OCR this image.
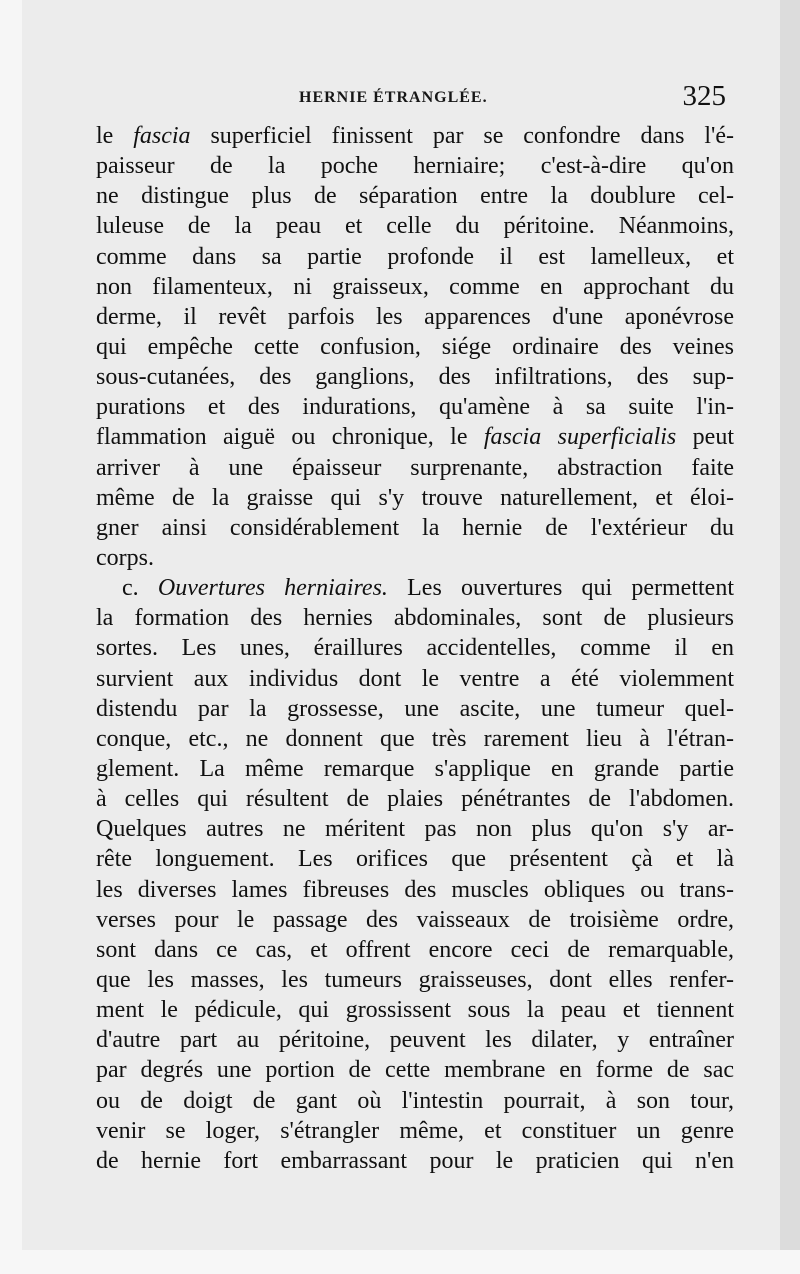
HERNIE ÉTRANGLÉE.	325
le fascia superficiel finissent par se confondre dans l'é-
paisseur de la poche herniaire; c'est-à-dire qu'on
ne distingue plus de séparation entre la doublure cel-
luleuse de la peau et celle du péritoine. Néanmoins,
comme dans sa partie profonde il est lamelleux, et
non filamenteux, ni graisseux, comme en approchant du
derme, il revêt parfois les apparences d'une aponévrose
qui empêche cette confusion, siége ordinaire des veines
sous-cutanées, des ganglions, des infiltrations, des sup-
purations et des indurations, qu'amène à sa suite l'in-
flammation aiguë ou chronique, le fascia superficialis peut
arriver à une épaisseur surprenante, abstraction faite
même de la graisse qui s'y trouve naturellement, et éloi-
gner ainsi considérablement la hernie de l'extérieur du
corps.
c. Ouvertures herniaires. Les ouvertures qui permettent
la formation des hernies abdominales, sont de plusieurs
sortes. Les unes, éraillures accidentelles, comme il en
survient aux individus dont le ventre a été violemment
distendu par la grossesse, une ascite, une tumeur quel-
conque, etc., ne donnent que très rarement lieu à l'étran-
glement. La même remarque s'applique en grande partie
à celles qui résultent de plaies pénétrantes de l'abdomen.
Quelques autres ne méritent pas non plus qu'on s'y ar-
rête longuement. Les orifices que présentent çà et là
les diverses lames fibreuses des muscles obliques ou trans-
verses pour le passage des vaisseaux de troisième ordre,
sont dans ce cas, et offrent encore ceci de remarquable,
que les masses, les tumeurs graisseuses, dont elles renfer-
ment le pédicule, qui grossissent sous la peau et tiennent
d'autre part au péritoine, peuvent les dilater, y entraîner
par degrés une portion de cette membrane en forme de sac
ou de doigt de gant où l'intestin pourrait, à son tour,
venir se loger, s'étrangler même, et constituer un genre
de hernie fort embarrassant pour le praticien qui n'en
